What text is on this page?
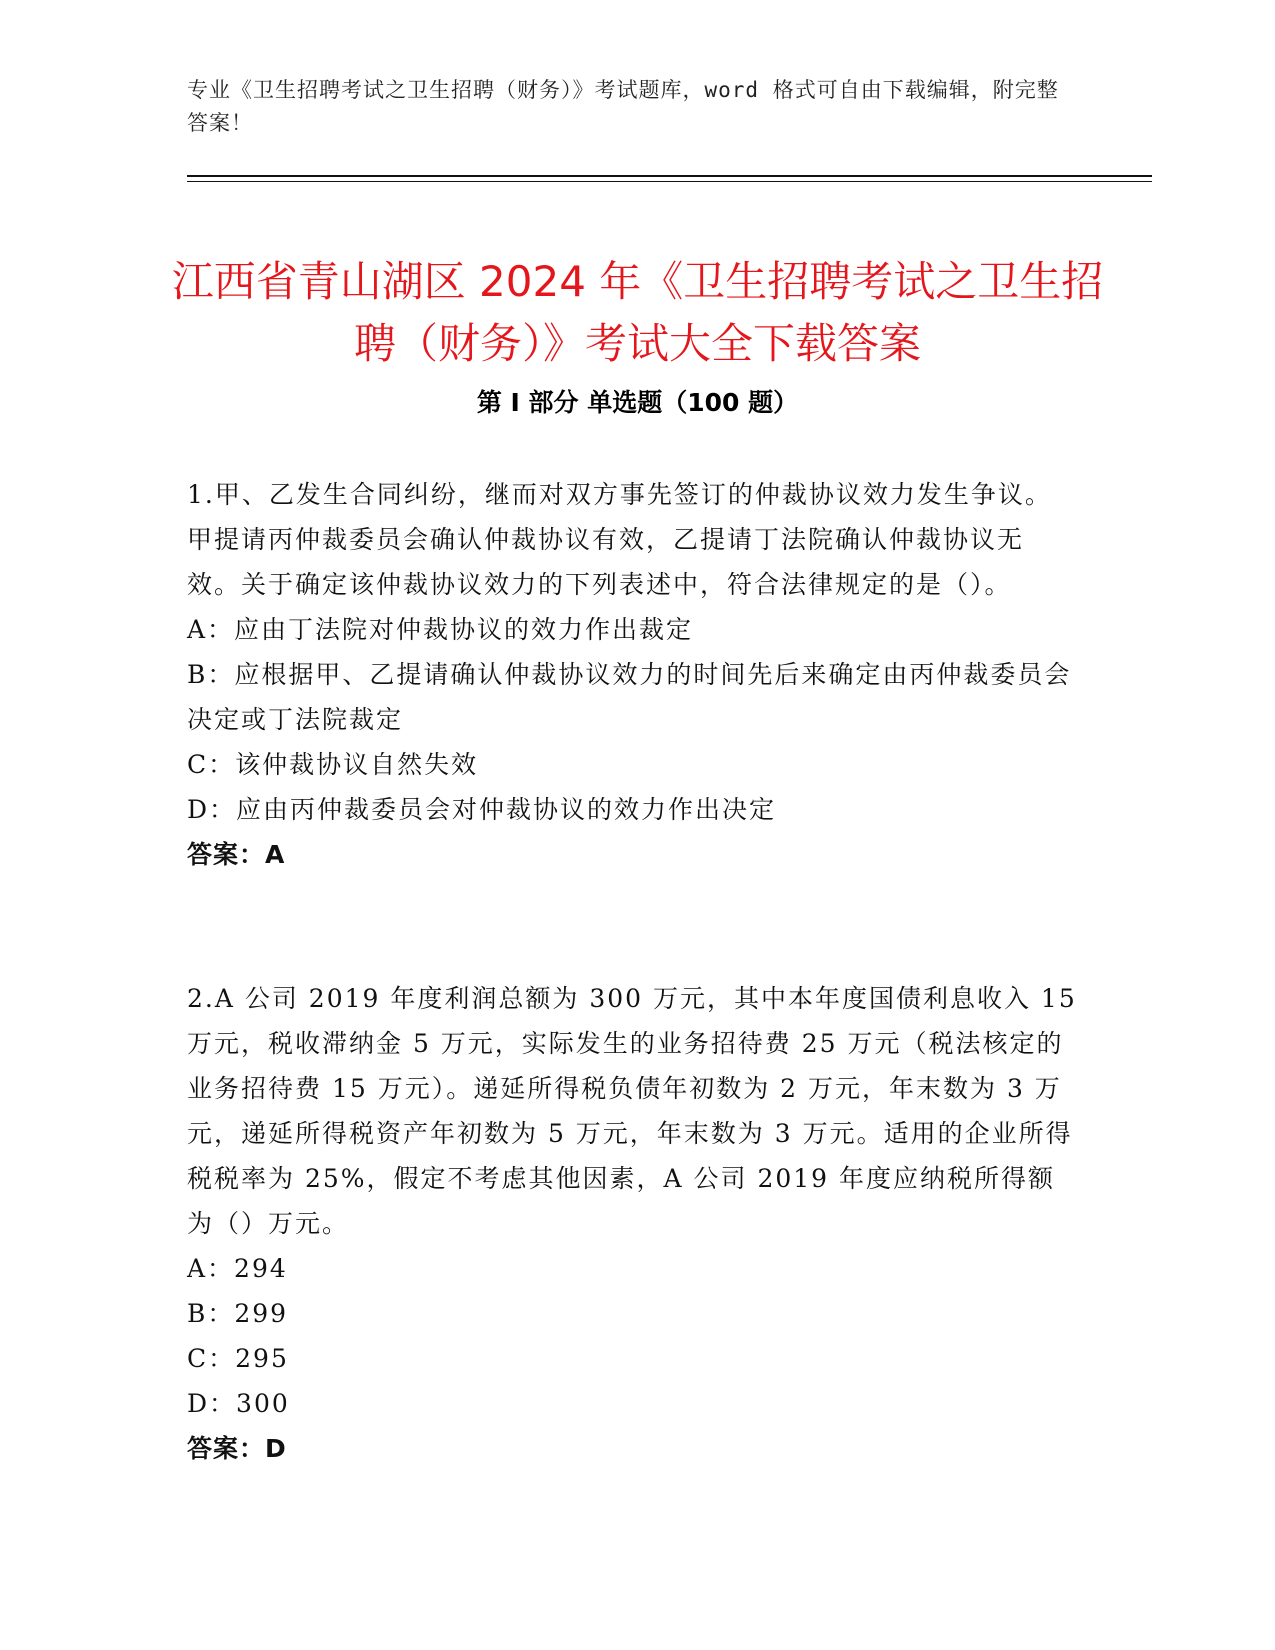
专业《卫生招聘考试之卫生招聘（财务）》考试题库，word 格式可自由下载编辑，附完整答案！
江西省青山湖区 2024 年《卫生招聘考试之卫生招聘（财务）》考试大全下载答案
第 I 部分 单选题（100 题）

1.甲、乙发生合同纠纷，继而对双方事先签订的仲裁协议效力发生争议。甲提请丙仲裁委员会确认仲裁协议有效，乙提请丁法院确认仲裁协议无效。关于确定该仲裁协议效力的下列表述中，符合法律规定的是（）。

A：应由丁法院对仲裁协议的效力作出裁定

B：应根据甲、乙提请确认仲裁协议效力的时间先后来确定由丙仲裁委员会决定或丁法院裁定

C：该仲裁协议自然失效

D：应由丙仲裁委员会对仲裁协议的效力作出决定

答案：A

2.A 公司 2019 年度利润总额为 300 万元，其中本年度国债利息收入 15 万元，税收滞纳金 5 万元，实际发生的业务招待费 25 万元（税法核定的业务招待费 15 万元）。递延所得税负债年初数为 2 万元，年末数为 3 万元，递延所得税资产年初数为 5 万元，年末数为 3 万元。适用的企业所得税税率为 25%，假定不考虑其他因素，A 公司 2019 年度应纳税所得额为（）万元。

A：294

B：299

C：295

D：300

答案：D
